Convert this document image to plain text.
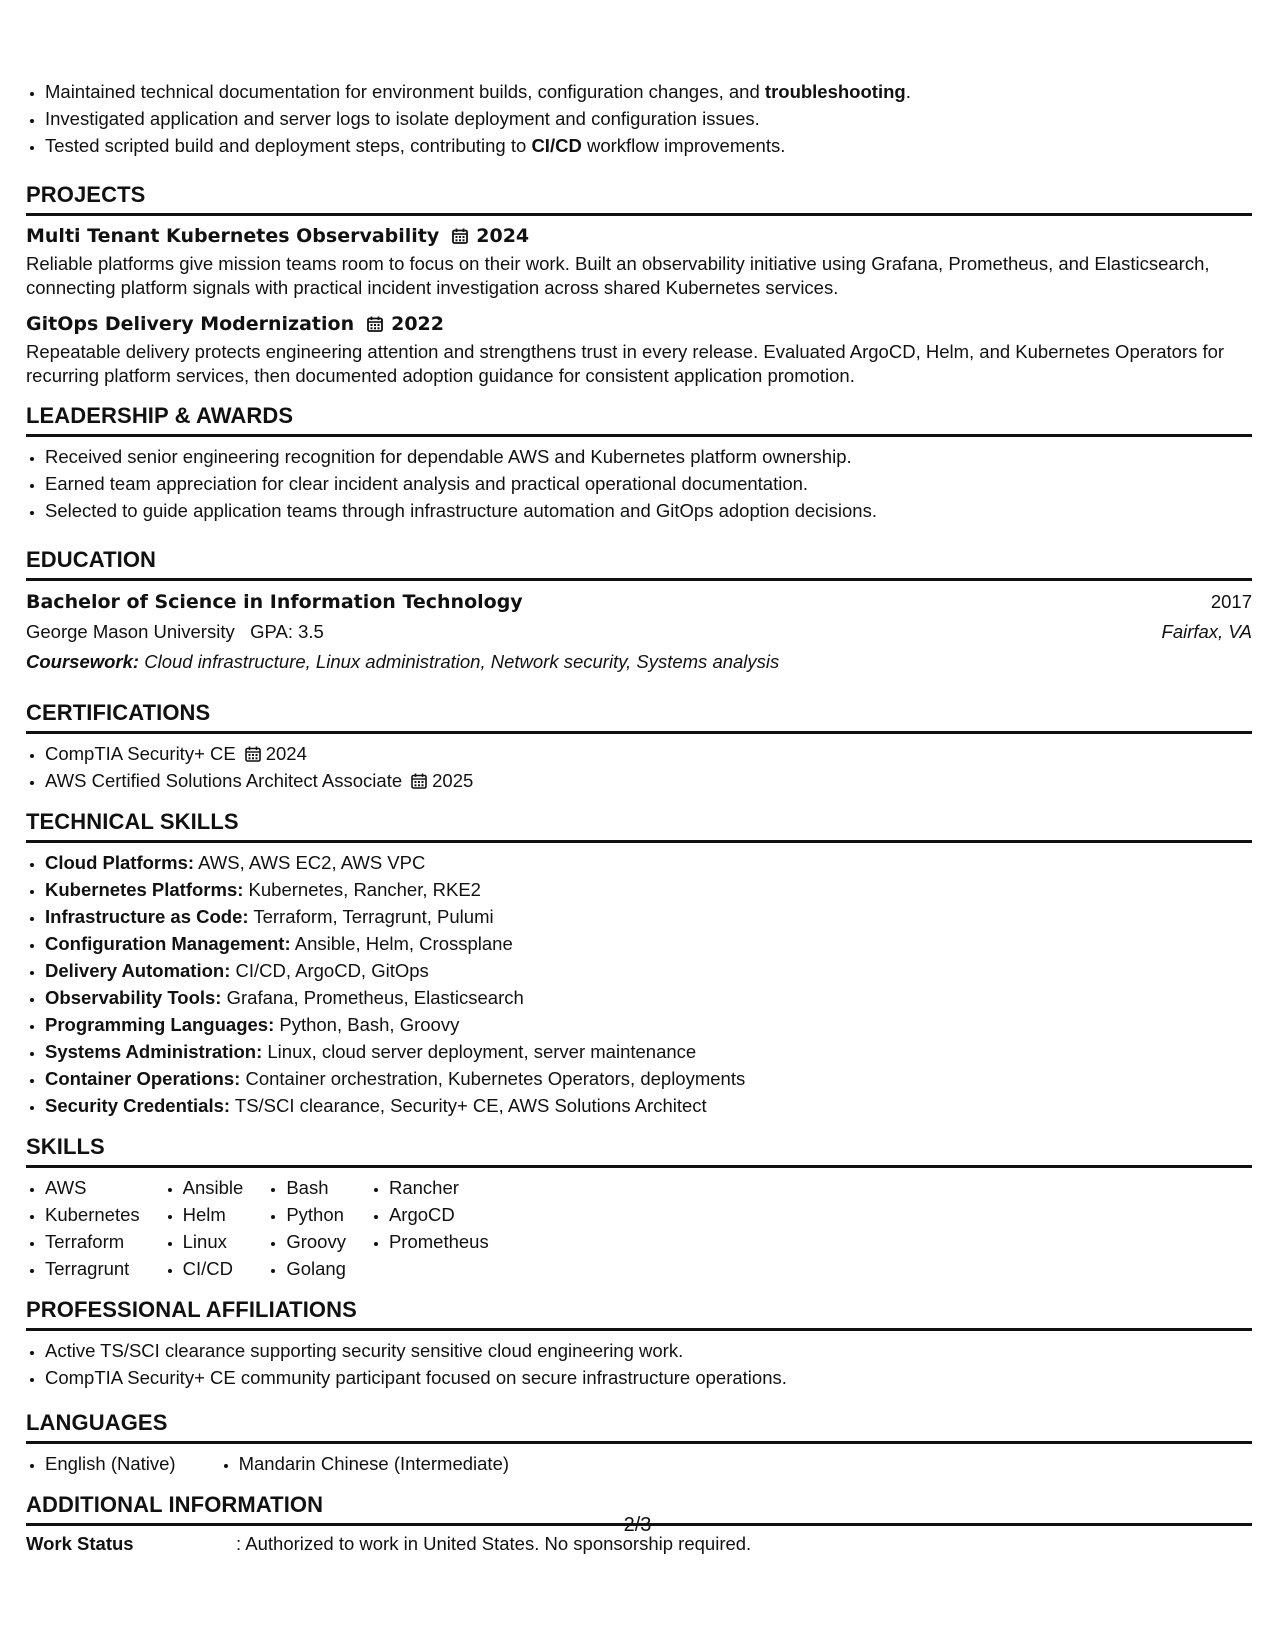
• Maintained technical documentation for environment builds, configuration changes, and troubleshooting.
• Investigated application and server logs to isolate deployment and configuration issues.
• Tested scripted build and deployment steps, contributing to CI/CD workflow improvements.
PROJECTS
Multi Tenant Kubernetes Observability 2024
Reliable platforms give mission teams room to focus on their work. Built an observability initiative using Grafana, Prometheus, and Elasticsearch, connecting platform signals with practical incident investigation across shared Kubernetes services.
GitOps Delivery Modernization 2022
Repeatable delivery protects engineering attention and strengthens trust in every release. Evaluated ArgoCD, Helm, and Kubernetes Operators for recurring platform services, then documented adoption guidance for consistent application promotion.
LEADERSHIP & AWARDS
• Received senior engineering recognition for dependable AWS and Kubernetes platform ownership.
• Earned team appreciation for clear incident analysis and practical operational documentation.
• Selected to guide application teams through infrastructure automation and GitOps adoption decisions.
EDUCATION
Bachelor of Science in Information Technology	2017
George Mason University GPA: 3.5	Fairfax, VA
Coursework: Cloud infrastructure, Linux administration, Network security, Systems analysis
CERTIFICATIONS
• CompTIA Security+ CE 2024
• AWS Certified Solutions Architect Associate 2025
TECHNICAL SKILLS
• Cloud Platforms: AWS, AWS EC2, AWS VPC
• Kubernetes Platforms: Kubernetes, Rancher, RKE2
• Infrastructure as Code: Terraform, Terragrunt, Pulumi
• Configuration Management: Ansible, Helm, Crossplane
• Delivery Automation: CI/CD, ArgoCD, GitOps
• Observability Tools: Grafana, Prometheus, Elasticsearch
• Programming Languages: Python, Bash, Groovy
• Systems Administration: Linux, cloud server deployment, server maintenance
• Container Operations: Container orchestration, Kubernetes Operators, deployments
• Security Credentials: TS/SCI clearance, Security+ CE, AWS Solutions Architect
SKILLS
• AWS
• Kubernetes
• Terraform
• Terragrunt
• Ansible
• Helm
• Linux
• CI/CD
• Bash
• Python
• Groovy
• Golang
• Rancher
• ArgoCD
• Prometheus
PROFESSIONAL AFFILIATIONS
• Active TS/SCI clearance supporting security sensitive cloud engineering work.
• CompTIA Security+ CE community participant focused on secure infrastructure operations.
LANGUAGES
• English (Native)
•	Mandarin Chinese (Intermediate)
ADDITIONAL INFORMATION
Work Status	: Authorized to work in United States. No sponsorship required.
2/3
